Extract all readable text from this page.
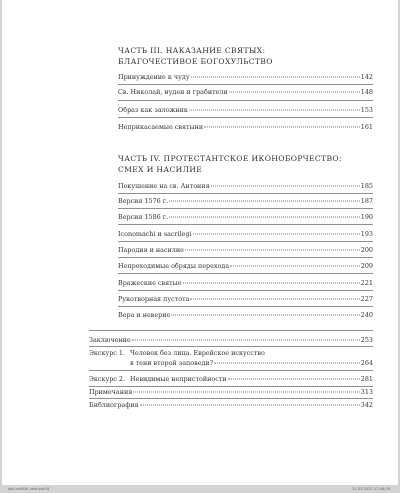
ЧАСТЬ III. НАКАЗАНИЕ СВЯТЫХ:
БЛАГОЧЕСТИВОЕ БОГОХУЛЬСТВО
Принуждение к чуду	142
Св. Николай, иудеи и грабители	148
Образ как заложник	153
Неприкасаемые святыни	161
ЧАСТЬ IV. ПРОТЕСТАНТСКОЕ ИКОНОБОРЧЕСТВО:
СМЕХ И НАСИЛИЕ
Покушение на св. Антония	185
Версия 1576 г.	187
Версия 1586 г.	190
Iconomachi и sacrilegi	193
Пародия и насилие	200
Непроходимые обряды перехода	209
Вражеские святые	221
Рукотворная пустота	227
Вера и неверие	240
Заключение	253
Экскурс 1. Человек без лица. Еврейское искусство
в тени второй заповеди?	264
Экскурс 2. Невидимые непристойности	281
Примечания	313
Библиография	342
idol-vnd4th-new.indd 8	21.03.2022 17:06:29
